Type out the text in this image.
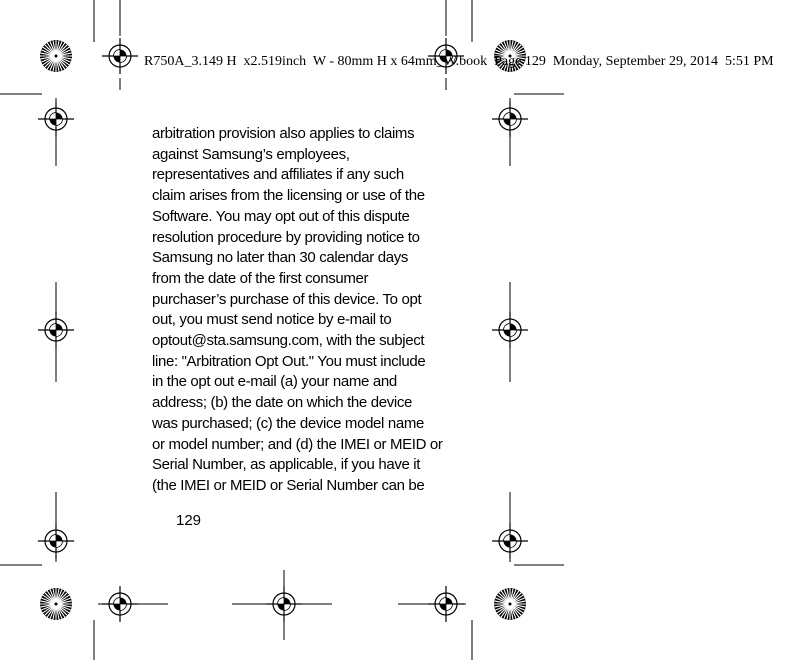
R750A_3.149 H  x2.519inch  W - 80mm H x 64mm_W.book  Page 129  Monday, September 29, 2014  5:51 PM
arbitration provision also applies to claims
against Samsung’s employees,
representatives and affiliates if any such
claim arises from the licensing or use of the
Software. You may opt out of this dispute
resolution procedure by providing notice to
Samsung no later than 30 calendar days
from the date of the first consumer
purchaser’s purchase of this device. To opt
out, you must send notice by e-mail to
optout@sta.samsung.com, with the subject
line: "Arbitration Opt Out." You must include
in the opt out e-mail (a) your name and
address; (b) the date on which the device
was purchased; (c) the device model name
or model number; and (d) the IMEI or MEID or
Serial Number, as applicable, if you have it
(the IMEI or MEID or Serial Number can be
129
